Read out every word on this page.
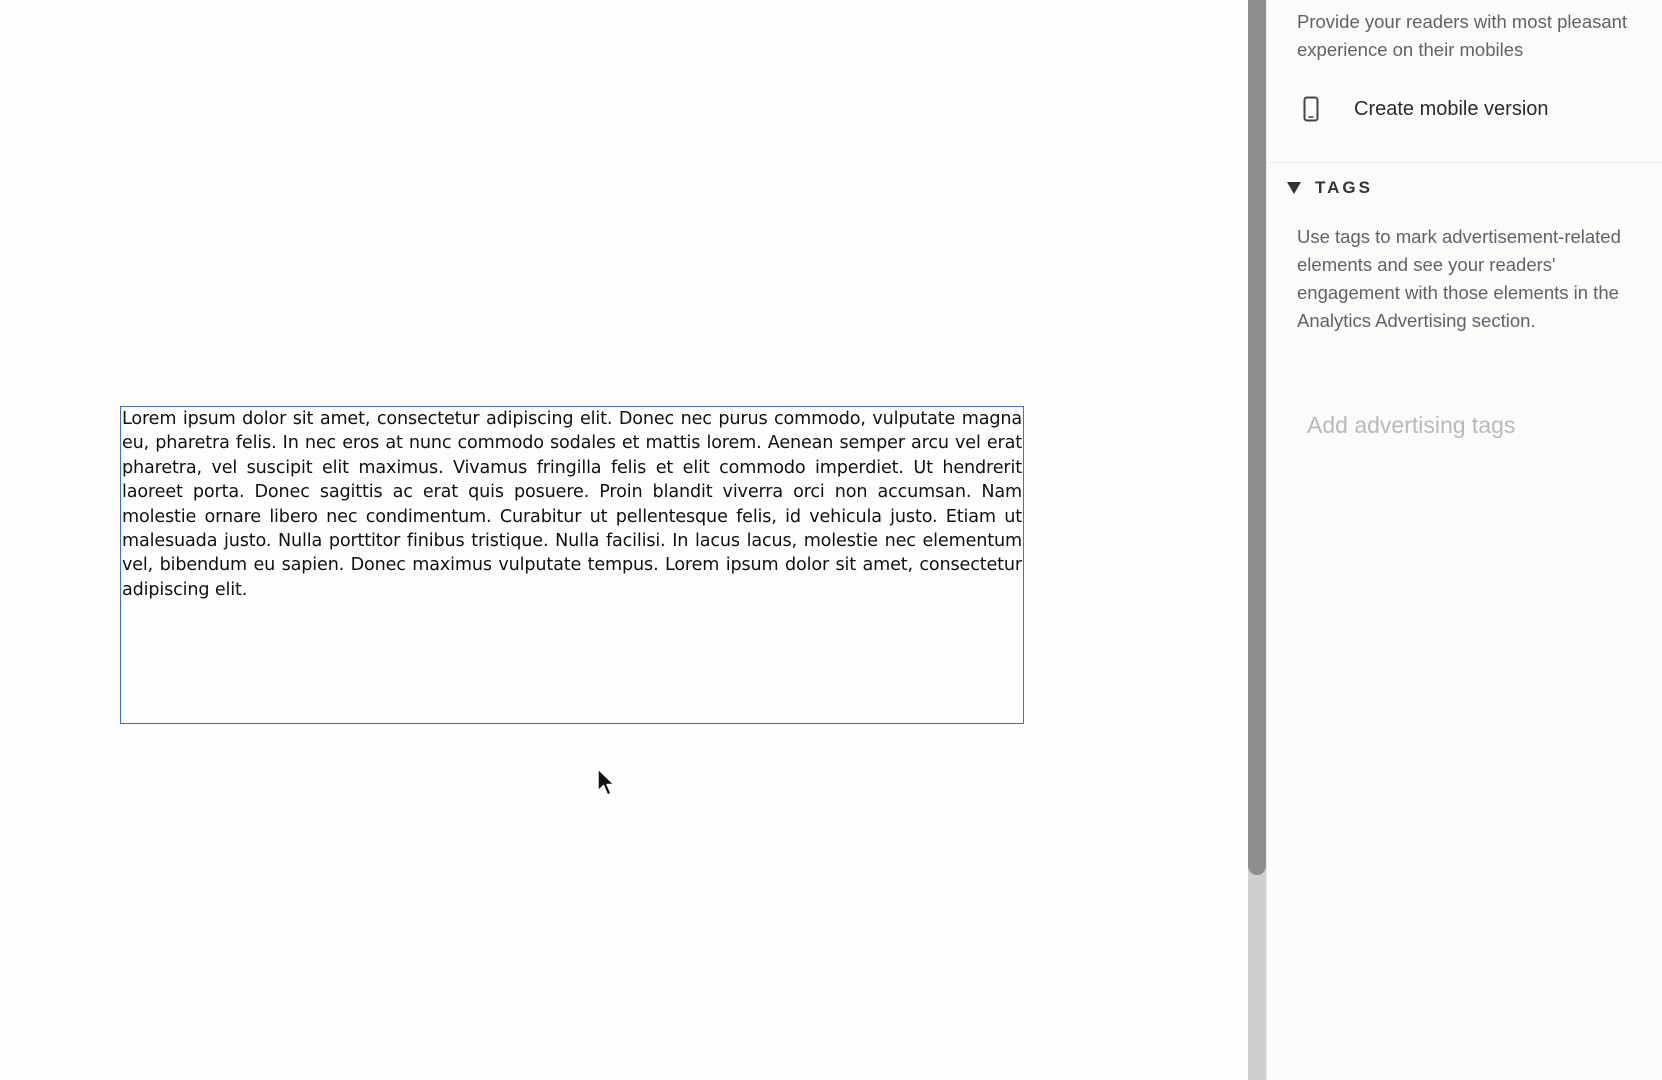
Lorem ipsum dolor sit amet, consectetur adipiscing elit. Donec nec purus commodo, vulputate magna eu, pharetra felis. In nec eros at nunc commodo sodales et mattis lorem. Aenean semper arcu vel erat pharetra, vel suscipit elit maximus. Vivamus fringilla felis et elit commodo imperdiet. Ut hendrerit laoreet porta. Donec sagittis ac erat quis posuere. Proin blandit viverra orci non accumsan. Nam molestie ornare libero nec condimentum. Curabitur ut pellentesque felis, id vehicula justo. Etiam ut malesuada justo. Nulla porttitor finibus tristique. Nulla facilisi. In lacus lacus, molestie nec elementum vel, bibendum eu sapien. Donec maximus vulputate tempus. Lorem ipsum dolor sit amet, consectetur adipiscing elit.

Provide your readers with most pleasant experience on their mobiles

Create mobile version
TAGS

Use tags to mark advertisement-related elements and see your readers' engagement with those elements in the Analytics Advertising section.

Add advertising tags
